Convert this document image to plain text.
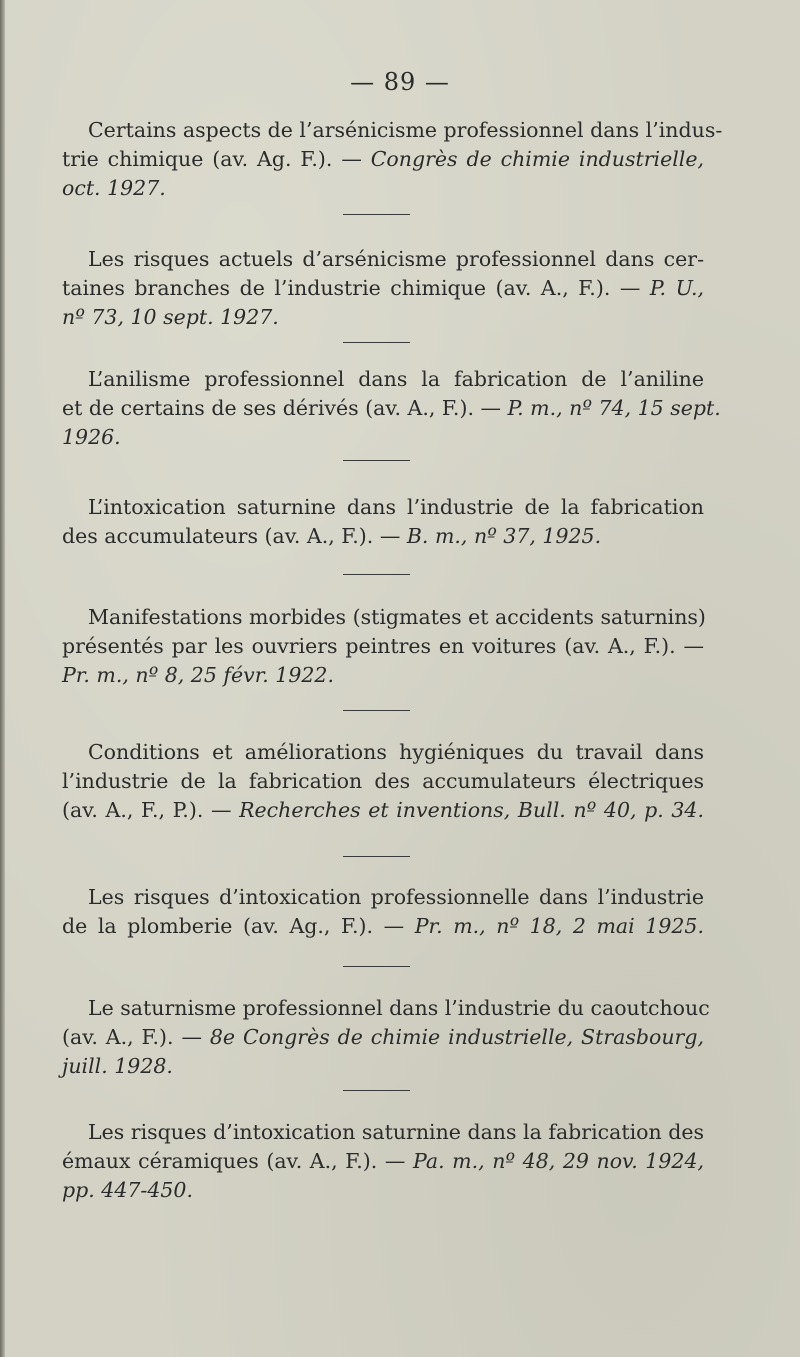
— 89 —
Certains aspects de l’arsénicisme professionnel dans l’indus-
trie chimique (av. Ag. F.). — Congrès de chimie industrielle,
oct. 1927.
Les risques actuels d’arsénicisme professionnel dans cer-
taines branches de l’industrie chimique (av. A., F.). — P. U.,
nº 73, 10 sept. 1927.
L’anilisme professionnel dans la fabrication de l’aniline
et de certains de ses dérivés (av. A., F.). — P. m., nº 74, 15 sept.
1926.
L’intoxication saturnine dans l’industrie de la fabrication
des accumulateurs (av. A., F.). — B. m., nº 37, 1925.
Manifestations morbides (stigmates et accidents saturnins)
présentés par les ouvriers peintres en voitures (av. A., F.). —
Pr. m., nº 8, 25 févr. 1922.
Conditions et améliorations hygiéniques du travail dans
l’industrie de la fabrication des accumulateurs électriques
(av. A., F., P.). — Recherches et inventions, Bull. nº 40, p. 34.
Les risques d’intoxication professionnelle dans l’industrie
de la plomberie (av. Ag., F.). — Pr. m., nº 18, 2 mai 1925.
Le saturnisme professionnel dans l’industrie du caoutchouc
(av. A., F.). — 8e Congrès de chimie industrielle, Strasbourg,
juill. 1928.
Les risques d’intoxication saturnine dans la fabrication des
émaux céramiques (av. A., F.). — Pa. m., nº 48, 29 nov. 1924,
pp. 447-450.
